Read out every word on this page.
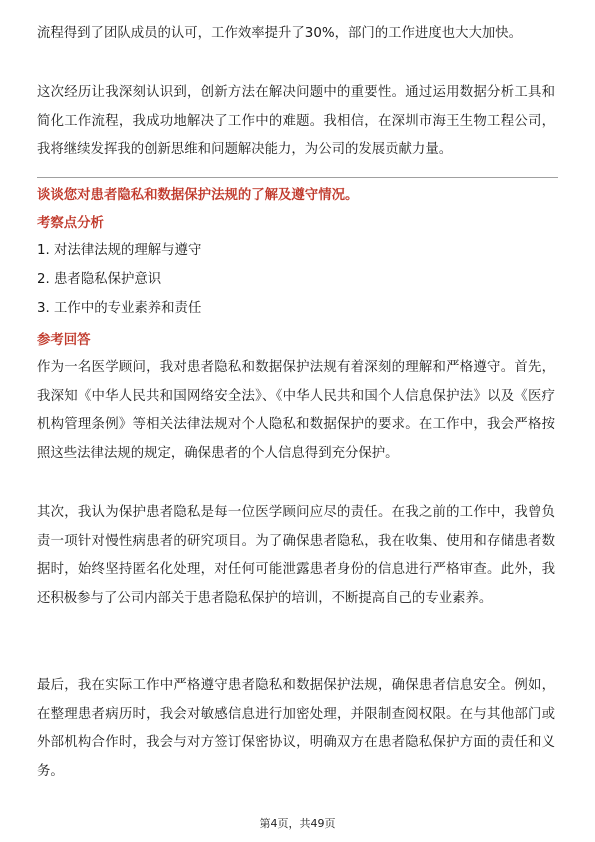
流程得到了团队成员的认可，工作效率提升了30%，部门的工作进度也大大加快。

这次经历让我深刻认识到，创新方法在解决问题中的重要性。通过运用数据分析工具和简化工作流程，我成功地解决了工作中的难题。我相信，在深圳市海王生物工程公司，我将继续发挥我的创新思维和问题解决能力，为公司的发展贡献力量。

谈谈您对患者隐私和数据保护法规的了解及遵守情况。
考察点分析
1. 对法律法规的理解与遵守
2. 患者隐私保护意识
3. 工作中的专业素养和责任
参考回答

作为一名医学顾问，我对患者隐私和数据保护法规有着深刻的理解和严格遵守。首先，我深知《中华人民共和国网络安全法》、《中华人民共和国个人信息保护法》以及《医疗机构管理条例》等相关法律法规对个人隐私和数据保护的要求。在工作中，我会严格按照这些法律法规的规定，确保患者的个人信息得到充分保护。

其次，我认为保护患者隐私是每一位医学顾问应尽的责任。在我之前的工作中，我曾负责一项针对慢性病患者的研究项目。为了确保患者隐私，我在收集、使用和存储患者数据时，始终坚持匿名化处理，对任何可能泄露患者身份的信息进行严格审查。此外，我还积极参与了公司内部关于患者隐私保护的培训，不断提高自己的专业素养。

最后，我在实际工作中严格遵守患者隐私和数据保护法规，确保患者信息安全。例如，在整理患者病历时，我会对敏感信息进行加密处理，并限制查阅权限。在与其他部门或外部机构合作时，我会与对方签订保密协议，明确双方在患者隐私保护方面的责任和义务。

第4页，共49页
